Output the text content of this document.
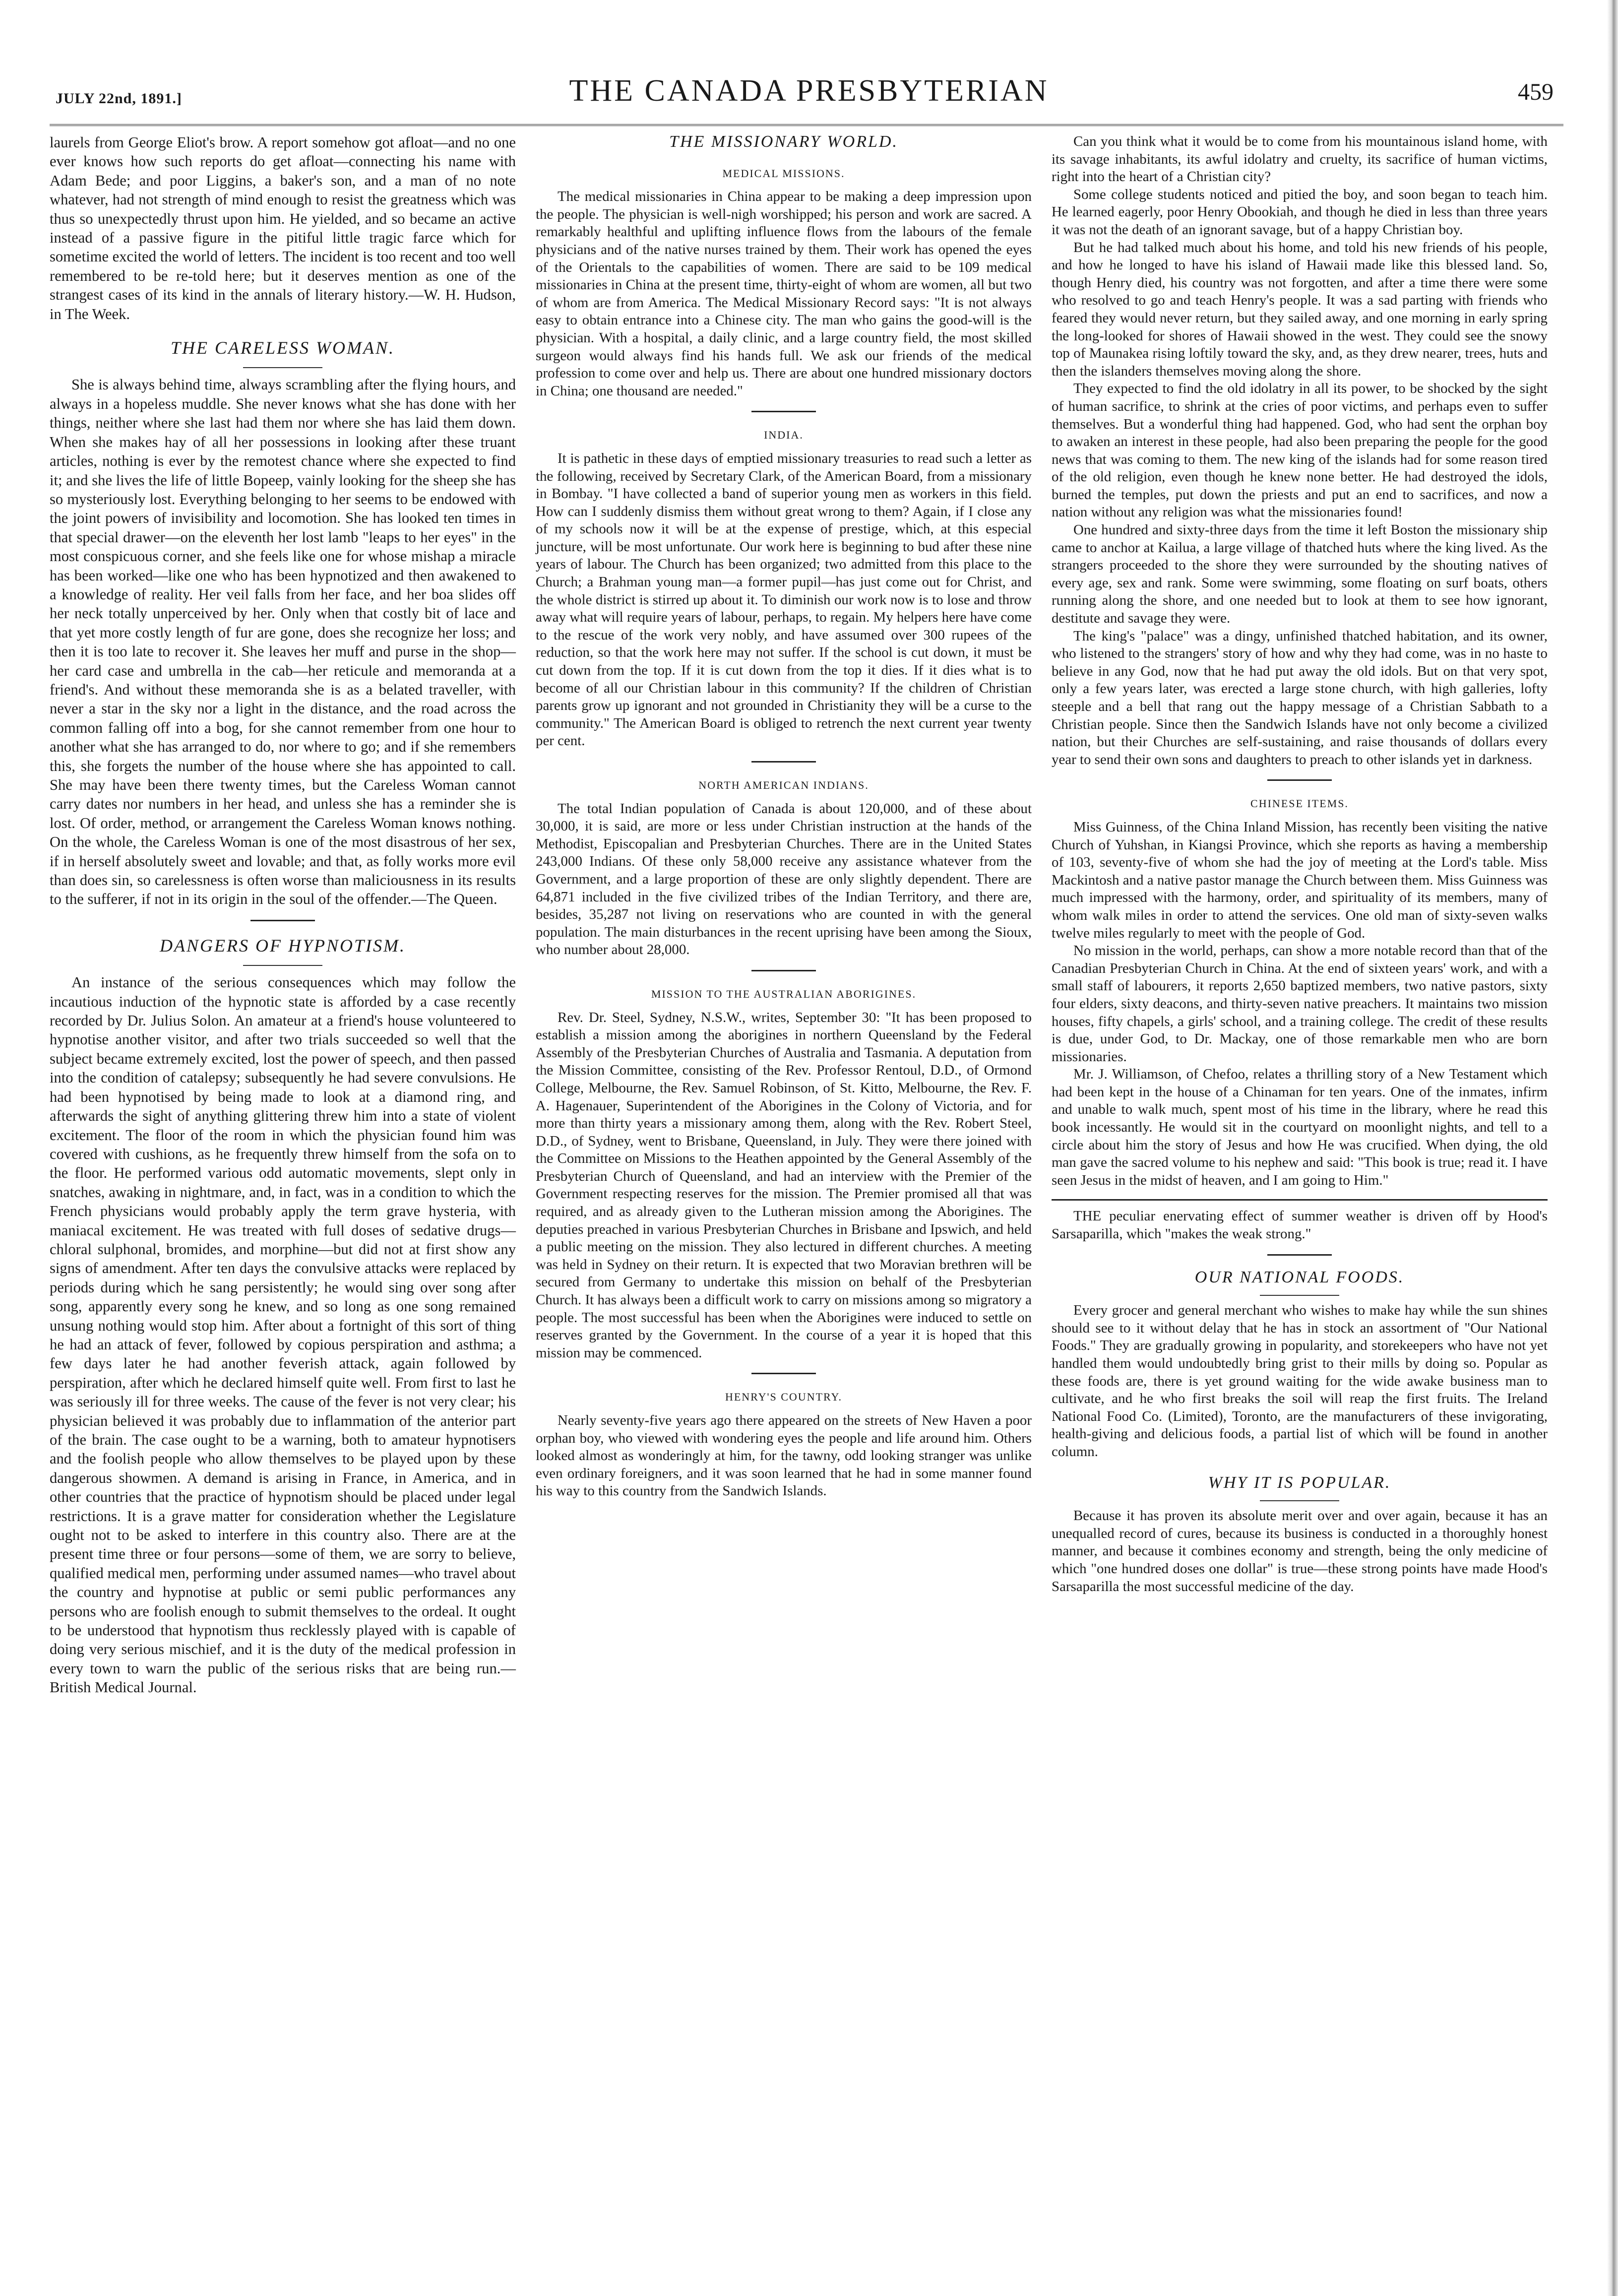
JULY 22nd, 1891.]	THE CANADA PRESBYTERIAN	459

laurels from George Eliot's brow. A report somehow got afloat—and no one ever knows how such reports do get afloat—connecting his name with Adam Bede; and poor Liggins, a baker's son, and a man of no note whatever, had not strength of mind enough to resist the greatness which was thus so unexpectedly thrust upon him. He yielded, and so became an active instead of a passive figure in the pitiful little tragic farce which for sometime excited the world of letters. The incident is too recent and too well remembered to be re-told here; but it deserves mention as one of the strangest cases of its kind in the annals of literary history.—W. H. Hudson, in The Week.

THE CARELESS WOMAN.

She is always behind time, always scrambling after the flying hours, and always in a hopeless muddle. She never knows what she has done with her things, neither where she last had them nor where she has laid them down. When she makes hay of all her possessions in looking after these truant articles, nothing is ever by the remotest chance where she expected to find it; and she lives the life of little Bopeep, vainly looking for the sheep she has so mysteriously lost. Everything belonging to her seems to be endowed with the joint powers of invisibility and locomotion. She has looked ten times in that special drawer—on the eleventh her lost lamb "leaps to her eyes" in the most conspicuous corner, and she feels like one for whose mishap a miracle has been worked—like one who has been hypnotized and then awakened to a knowledge of reality. Her veil falls from her face, and her boa slides off her neck totally unperceived by her. Only when that costly bit of lace and that yet more costly length of fur are gone, does she recognize her loss; and then it is too late to recover it. She leaves her muff and purse in the shop—her card case and umbrella in the cab—her reticule and memoranda at a friend's. And without these memoranda she is as a belated traveller, with never a star in the sky nor a light in the distance, and the road across the common falling off into a bog, for she cannot remember from one hour to another what she has arranged to do, nor where to go; and if she remembers this, she forgets the number of the house where she has appointed to call. She may have been there twenty times, but the Careless Woman cannot carry dates nor numbers in her head, and unless she has a reminder she is lost. Of order, method, or arrangement the Careless Woman knows nothing. On the whole, the Careless Woman is one of the most disastrous of her sex, if in herself absolutely sweet and lovable; and that, as folly works more evil than does sin, so carelessness is often worse than maliciousness in its results to the sufferer, if not in its origin in the soul of the offender.—The Queen.

DANGERS OF HYPNOTISM.

An instance of the serious consequences which may follow the incautious induction of the hypnotic state is afforded by a case recently recorded by Dr. Julius Solon. An amateur at a friend's house volunteered to hypnotise another visitor, and after two trials succeeded so well that the subject became extremely excited, lost the power of speech, and then passed into the condition of catalepsy; subsequently he had severe convulsions. He had been hypnotised by being made to look at a diamond ring, and afterwards the sight of anything glittering threw him into a state of violent excitement. The floor of the room in which the physician found him was covered with cushions, as he frequently threw himself from the sofa on to the floor. He performed various odd automatic movements, slept only in snatches, awaking in nightmare, and, in fact, was in a condition to which the French physicians would probably apply the term grave hysteria, with maniacal excitement. He was treated with full doses of sedative drugs—chloral sulphonal, bromides, and morphine—but did not at first show any signs of amendment. After ten days the convulsive attacks were replaced by periods during which he sang persistently; he would sing over song after song, apparently every song he knew, and so long as one song remained unsung nothing would stop him. After about a fortnight of this sort of thing he had an attack of fever, followed by copious perspiration and asthma; a few days later he had another feverish attack, again followed by perspiration, after which he declared himself quite well. From first to last he was seriously ill for three weeks. The cause of the fever is not very clear; his physician believed it was probably due to inflammation of the anterior part of the brain. The case ought to be a warning, both to amateur hypnotisers and the foolish people who allow themselves to be played upon by these dangerous showmen. A demand is arising in France, in America, and in other countries that the practice of hypnotism should be placed under legal restrictions. It is a grave matter for consideration whether the Legislature ought not to be asked to interfere in this country also. There are at the present time three or four persons—some of them, we are sorry to believe, qualified medical men, performing under assumed names—who travel about the country and hypnotise at public or semi public performances any persons who are foolish enough to submit themselves to the ordeal. It ought to be understood that hypnotism thus recklessly played with is capable of doing very serious mischief, and it is the duty of the medical profession in every town to warn the public of the serious risks that are being run.—British Medical Journal.

THE MISSIONARY WORLD.
MEDICAL MISSIONS.

The medical missionaries in China appear to be making a deep impression upon the people. The physician is well-nigh worshipped; his person and work are sacred. A remarkably healthful and uplifting influence flows from the labours of the female physicians and of the native nurses trained by them. Their work has opened the eyes of the Orientals to the capabilities of women. There are said to be 109 medical missionaries in China at the present time, thirty-eight of whom are women, all but two of whom are from America. The Medical Missionary Record says: "It is not always easy to obtain entrance into a Chinese city. The man who gains the good-will is the physician. With a hospital, a daily clinic, and a large country field, the most skilled surgeon would always find his hands full. We ask our friends of the medical profession to come over and help us. There are about one hundred missionary doctors in China; one thousand are needed."

INDIA.

It is pathetic in these days of emptied missionary treasuries to read such a letter as the following, received by Secretary Clark, of the American Board, from a missionary in Bombay. "I have collected a band of superior young men as workers in this field. How can I suddenly dismiss them without great wrong to them? Again, if I close any of my schools now it will be at the expense of prestige, which, at this especial juncture, will be most unfortunate. Our work here is beginning to bud after these nine years of labour. The Church has been organized; two admitted from this place to the Church; a Brahman young man—a former pupil—has just come out for Christ, and the whole district is stirred up about it. To diminish our work now is to lose and throw away what will require years of labour, perhaps, to regain. My helpers here have come to the rescue of the work very nobly, and have assumed over 300 rupees of the reduction, so that the work here may not suffer. If the school is cut down, it must be cut down from the top. If it is cut down from the top it dies. If it dies what is to become of all our Christian labour in this community? If the children of Christian parents grow up ignorant and not grounded in Christianity they will be a curse to the community." The American Board is obliged to retrench the next current year twenty per cent.

NORTH AMERICAN INDIANS.

The total Indian population of Canada is about 120,000, and of these about 30,000, it is said, are more or less under Christian instruction at the hands of the Methodist, Episcopalian and Presbyterian Churches. There are in the United States 243,000 Indians. Of these only 58,000 receive any assistance whatever from the Government, and a large proportion of these are only slightly dependent. There are 64,871 included in the five civilized tribes of the Indian Territory, and there are, besides, 35,287 not living on reservations who are counted in with the general population. The main disturbances in the recent uprising have been among the Sioux, who number about 28,000.

MISSION TO THE AUSTRALIAN ABORIGINES.

Rev. Dr. Steel, Sydney, N.S.W., writes, September 30: "It has been proposed to establish a mission among the aborigines in northern Queensland by the Federal Assembly of the Presbyterian Churches of Australia and Tasmania. A deputation from the Mission Committee, consisting of the Rev. Professor Rentoul, D.D., of Ormond College, Melbourne, the Rev. Samuel Robinson, of St. Kitto, Melbourne, the Rev. F. A. Hagenauer, Superintendent of the Aborigines in the Colony of Victoria, and for more than thirty years a missionary among them, along with the Rev. Robert Steel, D.D., of Sydney, went to Brisbane, Queensland, in July. They were there joined with the Committee on Missions to the Heathen appointed by the General Assembly of the Presbyterian Church of Queensland, and had an interview with the Premier of the Government respecting reserves for the mission. The Premier promised all that was required, and as already given to the Lutheran mission among the Aborigines. The deputies preached in various Presbyterian Churches in Brisbane and Ipswich, and held a public meeting on the mission. They also lectured in different churches. A meeting was held in Sydney on their return. It is expected that two Moravian brethren will be secured from Germany to undertake this mission on behalf of the Presbyterian Church. It has always been a difficult work to carry on missions among so migratory a people. The most successful has been when the Aborigines were induced to settle on reserves granted by the Government. In the course of a year it is hoped that this mission may be commenced.

HENRY'S COUNTRY.

Nearly seventy-five years ago there appeared on the streets of New Haven a poor orphan boy, who viewed with wondering eyes the people and life around him. Others looked almost as wonderingly at him, for the tawny, odd looking stranger was unlike even ordinary foreigners, and it was soon learned that he had in some manner found his way to this country from the Sandwich Islands.

Can you think what it would be to come from his mountainous island home, with its savage inhabitants, its awful idolatry and cruelty, its sacrifice of human victims, right into the heart of a Christian city?

Some college students noticed and pitied the boy, and soon began to teach him. He learned eagerly, poor Henry Obookiah, and though he died in less than three years it was not the death of an ignorant savage, but of a happy Christian boy.

But he had talked much about his home, and told his new friends of his people, and how he longed to have his island of Hawaii made like this blessed land. So, though Henry died, his country was not forgotten, and after a time there were some who resolved to go and teach Henry's people. It was a sad parting with friends who feared they would never return, but they sailed away, and one morning in early spring the long-looked for shores of Hawaii showed in the west. They could see the snowy top of Maunakea rising loftily toward the sky, and, as they drew nearer, trees, huts and then the islanders themselves moving along the shore.

They expected to find the old idolatry in all its power, to be shocked by the sight of human sacrifice, to shrink at the cries of poor victims, and perhaps even to suffer themselves. But a wonderful thing had happened. God, who had sent the orphan boy to awaken an interest in these people, had also been preparing the people for the good news that was coming to them. The new king of the islands had for some reason tired of the old religion, even though he knew none better. He had destroyed the idols, burned the temples, put down the priests and put an end to sacrifices, and now a nation without any religion was what the missionaries found!

One hundred and sixty-three days from the time it left Boston the missionary ship came to anchor at Kailua, a large village of thatched huts where the king lived. As the strangers proceeded to the shore they were surrounded by the shouting natives of every age, sex and rank. Some were swimming, some floating on surf boats, others running along the shore, and one needed but to look at them to see how ignorant, destitute and savage they were.

The king's "palace" was a dingy, unfinished thatched habitation, and its owner, who listened to the strangers' story of how and why they had come, was in no haste to believe in any God, now that he had put away the old idols. But on that very spot, only a few years later, was erected a large stone church, with high galleries, lofty steeple and a bell that rang out the happy message of a Christian Sabbath to a Christian people. Since then the Sandwich Islands have not only become a civilized nation, but their Churches are self-sustaining, and raise thousands of dollars every year to send their own sons and daughters to preach to other islands yet in darkness.

CHINESE ITEMS.

Miss Guinness, of the China Inland Mission, has recently been visiting the native Church of Yuhshan, in Kiangsi Province, which she reports as having a membership of 103, seventy-five of whom she had the joy of meeting at the Lord's table. Miss Mackintosh and a native pastor manage the Church between them. Miss Guinness was much impressed with the harmony, order, and spirituality of its members, many of whom walk miles in order to attend the services. One old man of sixty-seven walks twelve miles regularly to meet with the people of God.

No mission in the world, perhaps, can show a more notable record than that of the Canadian Presbyterian Church in China. At the end of sixteen years' work, and with a small staff of labourers, it reports 2,650 baptized members, two native pastors, sixty four elders, sixty deacons, and thirty-seven native preachers. It maintains two mission houses, fifty chapels, a girls' school, and a training college. The credit of these results is due, under God, to Dr. Mackay, one of those remarkable men who are born missionaries.

Mr. J. Williamson, of Chefoo, relates a thrilling story of a New Testament which had been kept in the house of a Chinaman for ten years. One of the inmates, infirm and unable to walk much, spent most of his time in the library, where he read this book incessantly. He would sit in the courtyard on moonlight nights, and tell to a circle about him the story of Jesus and how He was crucified. When dying, the old man gave the sacred volume to his nephew and said: "This book is true; read it. I have seen Jesus in the midst of heaven, and I am going to Him."

THE peculiar enervating effect of summer weather is driven off by Hood's Sarsaparilla, which "makes the weak strong."

OUR NATIONAL FOODS.

Every grocer and general merchant who wishes to make hay while the sun shines should see to it without delay that he has in stock an assortment of "Our National Foods." They are gradually growing in popularity, and storekeepers who have not yet handled them would undoubtedly bring grist to their mills by doing so. Popular as these foods are, there is yet ground waiting for the wide awake business man to cultivate, and he who first breaks the soil will reap the first fruits. The Ireland National Food Co. (Limited), Toronto, are the manufacturers of these invigorating, health-giving and delicious foods, a partial list of which will be found in another column.

WHY IT IS POPULAR.

Because it has proven its absolute merit over and over again, because it has an unequalled record of cures, because its business is conducted in a thoroughly honest manner, and because it combines economy and strength, being the only medicine of which "one hundred doses one dollar" is true—these strong points have made Hood's Sarsaparilla the most successful medicine of the day.
